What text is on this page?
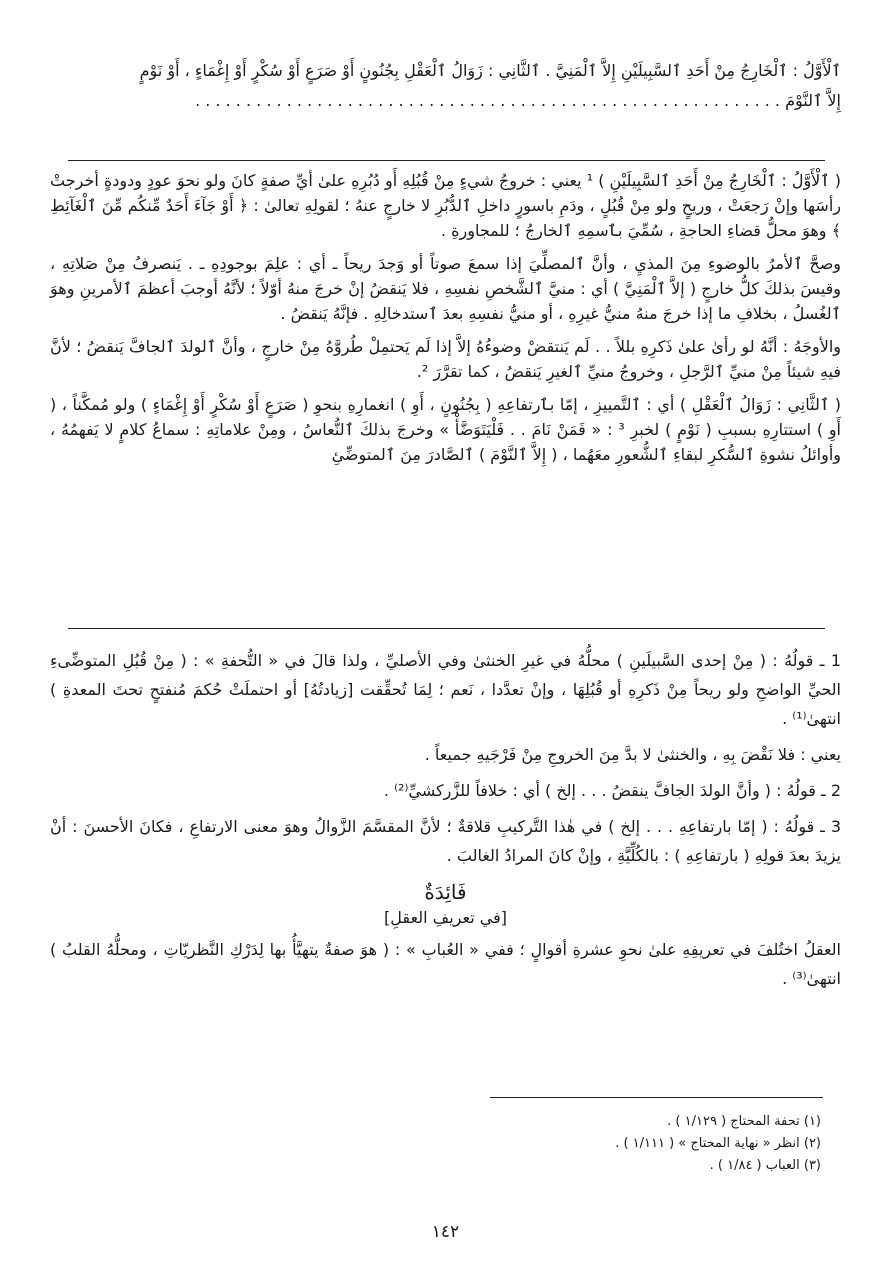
ٱلْأَوَّلُ : ٱلْخَارِجُ مِنْ أَحَدِ ٱلسَّبِيلَيْنِ إِلاَّ ٱلْمَنِيَّ . ٱلثَّانِي : زَوَالُ ٱلْعَقْلِ بِجُنُونٍ أَوْ صَرَعٍ أَوْ سُكْرٍ أَوْ إِغْمَاءٍ ، أَوْ نَوْمٍ

إِلاَّ ٱلنَّوْمَ . . . . . . . . . . . . . . . . . . . . . . . . . . . . . . . . . . . . . . . . . . . . . . . . . . . . . . . . . .

( ٱلْأَوَّلُ : ٱلْخَارِجُ مِنْ أَحَدِ ٱلسَّبِيلَيْنِ ) ¹ يعني : خروجُ شيءٍ مِنْ قُبُلِهِ أَو دُبُرِهِ علىٰ أيِّ صفةٍ كانَ ولو نحوَ عودٍ ودودةٍ أخرجتْ رأسَها وإنْ رَجعَتْ ، وريحٍ ولو مِنْ قُبُلٍ ، ودَمِ باسورٍ داخلِ ٱلدُّبُرِ لا خارجٍ عنهُ ؛ لقولِهِ تعالىٰ : ﴿ أَوْ جَآءَ أَحَدٌ مِّنكُم مِّنَ ٱلْغَآئِطِ ﴾ وهوَ محلُّ قضاءِ الحاجةِ ، سُمِّيَ بٱسمِهِ ٱلخارجُ ؛ للمجاورةِ .

وصحَّ ٱلأمرُ بالوضوءِ مِنَ المذيِ ، وأنَّ ٱلمصلِّيَ إذا سمعَ صوتاً أو وَجدَ ريحاً ـ أي : علِمَ بوجودِهِ ـ . يَنصرفُ مِنْ صَلاتِهِ ، وقيسَ بذلكَ كلُّ خارجٍ ( إلاَّ ٱلْمَنِيَّ ) أي : منيَّ ٱلشَّخصِ نفسِهِ ، فلا يَنقضُ إنْ خرجَ منهُ أوّلاً ؛ لأنَّهُ أوجبَ أعظمَ ٱلأمرينِ وهوَ ٱلغُسلُ ، بخلافِ ما إذا خرجَ منهُ منيُّ غيرِهِ ، أو منيُّ نفسِهِ بعدَ ٱستدخالِهِ . فإنَّهُ يَنقضُ .

والأوجَهُ : أنَّهُ لو رأىٰ علىٰ ذَكرِهِ بللاً . . لَم يَنتقضْ وضوءُهُ إلاَّ إذا لَم يَحتمِلْ طُروَّهُ مِنْ خارجٍ ، وأنَّ ٱلولدَ ٱلجافَّ يَنقضُ ؛ لأنَّ فيهِ شيئاً مِنْ منيِّ ٱلرَّجلِ ، وخروجُ منيِّ ٱلغيرِ يَنقضُ ، كما تقرَّرَ ².

( ٱلثَّانِي : زَوَالُ ٱلْعَقْلِ ) أي : ٱلتَّمييزِ ، إمّا بٱرتفاعِهِ ( بِجُنُونٍ ، أَوِ ) انغمارِهِ بنحوِ ( صَرَعٍ أَوْ سُكْرٍ أَوْ إِغْمَاءٍ ) ولو مُمكَّناً ، ( أَوِ ) استتارِهِ بسببِ ( نَوْمٍ ) لخبرِ ³ : « فَمَنْ نَامَ . . فَلْيَتَوَضَّأْ » وخرجَ بذلكَ ٱلنُّعاسُ ، ومِنْ علاماتِهِ : سماعُ كلامٍ لا يَفهمُهُ ، وأوائلُ نشوةِ ٱلسُّكرِ لبقاءِ ٱلشُّعورِ معَهُما ، ( إِلاَّ ٱلنَّوْمَ ) ٱلصَّادرَ مِنَ ٱلمتوضِّئِ

1 ـ قولُهُ : ( مِنْ إحدى السَّبيلَينِ ) محلُّهُ في غيرِ الخنثىٰ وفي الأصليِّ ، ولذا قالَ في « التُّحفةِ » : ( مِنْ قُبُلِ المتوضِّىءِ الحيِّ الواضحِ ولو ريحاً مِنْ ذَكرِهِ أو قُبُلِهَا ، وإنْ تعدَّدا ، نَعم ؛ لِمَا تُحقِّقت [زيادتُهُ] أو احتملَتْ حُكمَ مُنفتحٍ تحتَ المعدةِ ) انتهىٰ⁽¹⁾ .

يعني : فلا نَقْضَ بِهِ ، والخنثىٰ لا بدَّ مِنَ الخروجِ مِنْ فَرْجَيهِ جميعاً .

2 ـ قولُهُ : ( وأنَّ الولدَ الجافَّ ينقضُ . . . إلخ ) أي : خلافاً للزَّركشيِّ⁽²⁾ .

3 ـ قولُهُ : ( إمّا بارتفاعِهِ . . . إلخ ) في هٰذا التَّركيبِ قلاقةٌ ؛ لأنَّ المقسَّمَ الزَّوالُ وهوَ معنى الارتفاعِ ، فكانَ الأحسنَ : أنْ يزيدَ بعدَ قولِهِ ( بارتفاعِهِ ) : بالكُلِّيَّةِ ، وإنْ كانَ المرادُ الغالبَ .

فَائِدَةٌ
[في تعريفِ العقلِ]

العقلُ اختُلفَ في تعريفِهِ علىٰ نحوِ عشرةِ أقوالٍ ؛ ففي « العُبابِ » : ( هوَ صفةٌ يتهيَّأُ بها لِدَرْكِ النَّظريّاتِ ، ومحلُّهُ القلبُ ) انتهىٰ⁽³⁾ .

(١) تحفة المحتاج ( ١/١٢٩ ) .
(٢) انظر « نهاية المحتاج » ( ١/١١١ ) .
(٣) العباب ( ١/٨٤ ) .
١٤٢
